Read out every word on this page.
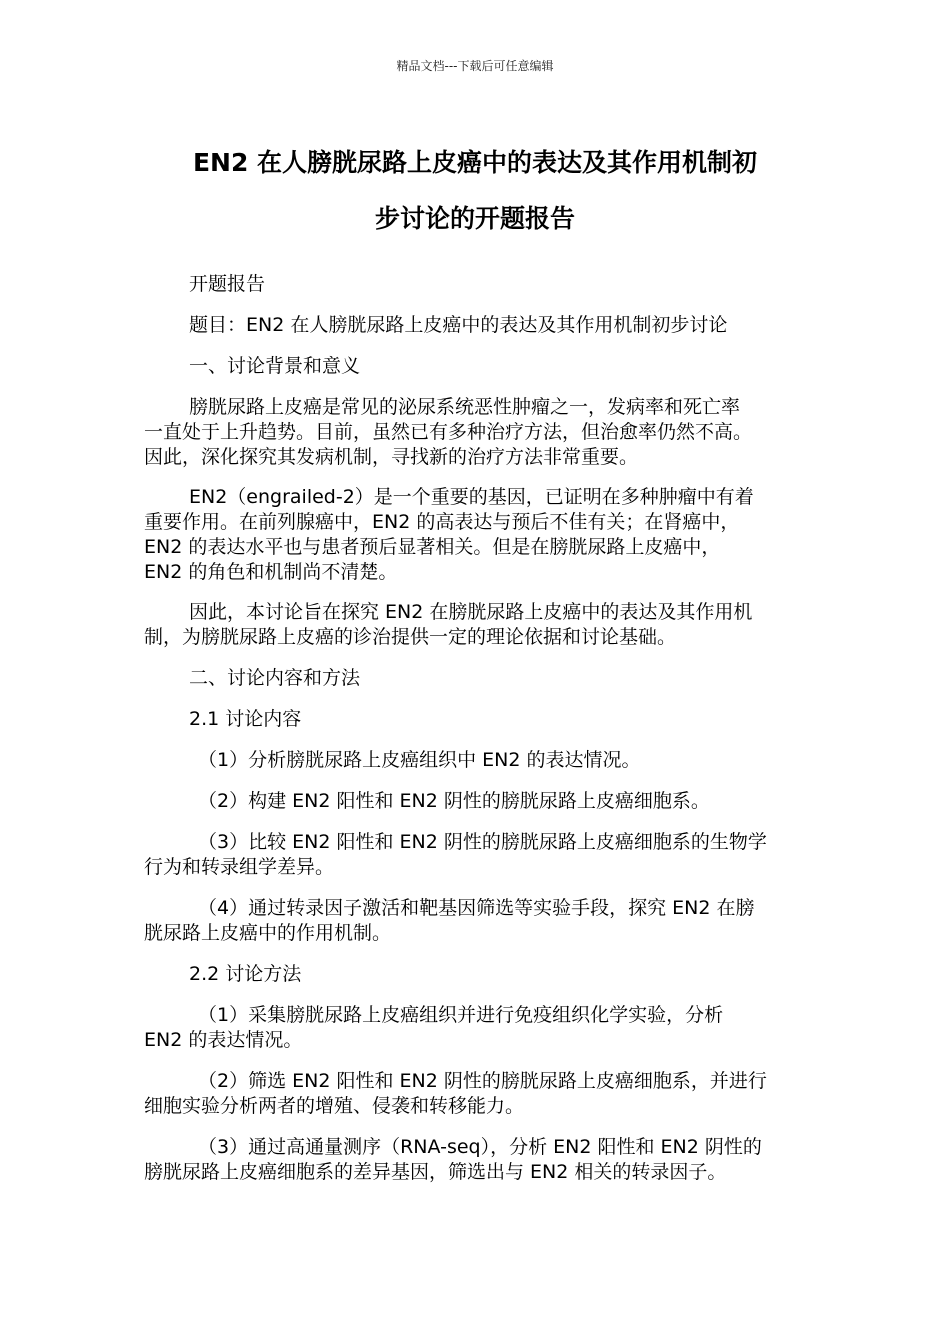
精品文档---下载后可任意编辑
EN2 在人膀胱尿路上皮癌中的表达及其作用机制初
步讨论的开题报告

开题报告

题目：EN2 在人膀胱尿路上皮癌中的表达及其作用机制初步讨论

一、讨论背景和意义

膀胱尿路上皮癌是常见的泌尿系统恶性肿瘤之一，发病率和死亡率
一直处于上升趋势。目前，虽然已有多种治疗方法，但治愈率仍然不高。
因此，深化探究其发病机制，寻找新的治疗方法非常重要。

EN2（engrailed-2）是一个重要的基因，已证明在多种肿瘤中有着
重要作用。在前列腺癌中，EN2 的高表达与预后不佳有关；在肾癌中，
EN2 的表达水平也与患者预后显著相关。但是在膀胱尿路上皮癌中，
EN2 的角色和机制尚不清楚。

因此，本讨论旨在探究 EN2 在膀胱尿路上皮癌中的表达及其作用机
制，为膀胱尿路上皮癌的诊治提供一定的理论依据和讨论基础。

二、讨论内容和方法

2.1 讨论内容

（1）分析膀胱尿路上皮癌组织中 EN2 的表达情况。

（2）构建 EN2 阳性和 EN2 阴性的膀胱尿路上皮癌细胞系。

（3）比较 EN2 阳性和 EN2 阴性的膀胱尿路上皮癌细胞系的生物学
行为和转录组学差异。

（4）通过转录因子激活和靶基因筛选等实验手段，探究 EN2 在膀
胱尿路上皮癌中的作用机制。

2.2 讨论方法

（1）采集膀胱尿路上皮癌组织并进行免疫组织化学实验，分析
EN2 的表达情况。

（2）筛选 EN2 阳性和 EN2 阴性的膀胱尿路上皮癌细胞系，并进行
细胞实验分析两者的增殖、侵袭和转移能力。

（3）通过高通量测序（RNA-seq），分析 EN2 阳性和 EN2 阴性的
膀胱尿路上皮癌细胞系的差异基因，筛选出与 EN2 相关的转录因子。
